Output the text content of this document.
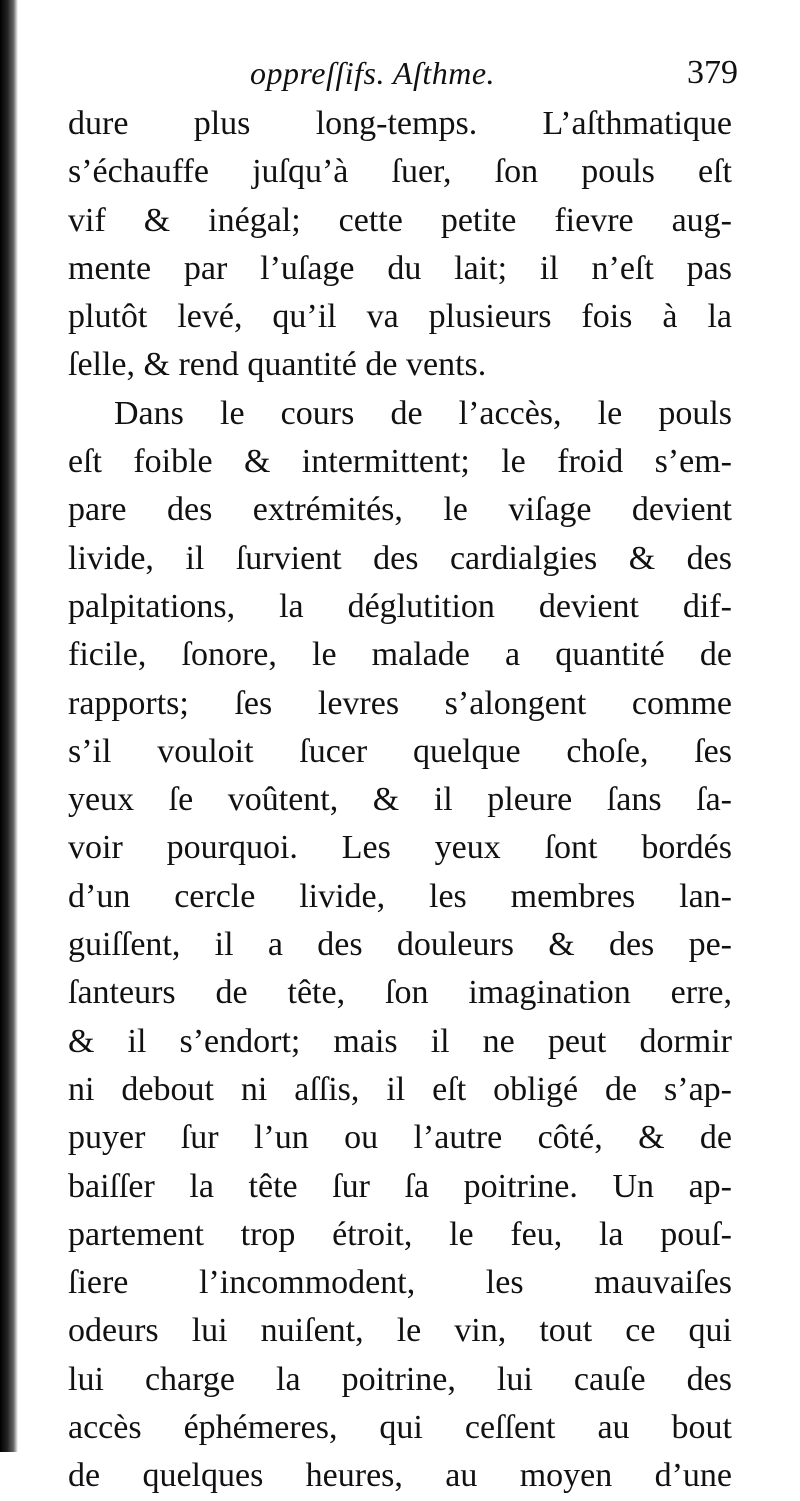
oppreſſifs. Aſthme.	379
dure plus long-temps. L’aſthmatique
s’échauffe juſqu’à ſuer, ſon pouls eſt
vif & inégal; cette petite fievre aug-
mente par l’uſage du lait; il n’eſt pas
plutôt levé, qu’il va plusieurs fois à la
ſelle, & rend quantité de vents.
Dans le cours de l’accès, le pouls
eſt foible & intermittent; le froid s’em-
pare des extrémités, le viſage devient
livide, il ſurvient des cardialgies & des
palpitations, la déglutition devient dif-
ficile, ſonore, le malade a quantité de
rapports; ſes levres s’alongent comme
s’il vouloit ſucer quelque choſe, ſes
yeux ſe voûtent, & il pleure ſans ſa-
voir pourquoi. Les yeux ſont bordés
d’un cercle livide, les membres lan-
guiſſent, il a des douleurs & des pe-
ſanteurs de tête, ſon imagination erre,
& il s’endort; mais il ne peut dormir
ni debout ni aſſis, il eſt obligé de s’ap-
puyer ſur l’un ou l’autre côté, & de
baiſſer la tête ſur ſa poitrine. Un ap-
partement trop étroit, le feu, la pouſ-
ſiere l’incommodent, les mauvaiſes
odeurs lui nuiſent, le vin, tout ce qui
lui charge la poitrine, lui cauſe des
accès éphémeres, qui ceſſent au bout
de quelques heures, au moyen d’une
